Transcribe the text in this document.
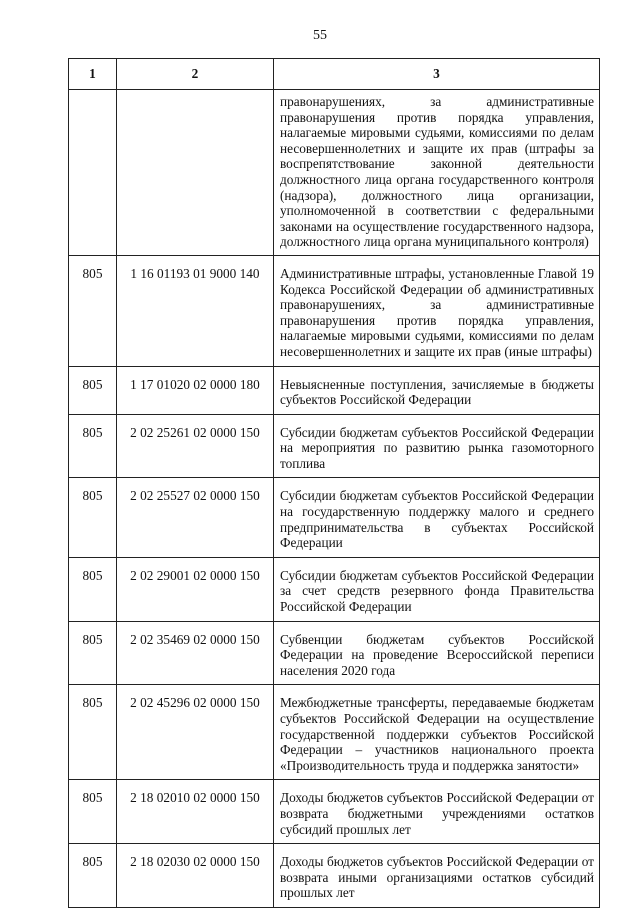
55
1	2	3
		правонарушениях, за административные правонарушения против порядка управления, налагаемые мировыми судьями, комиссиями по делам несовершеннолетних и защите их прав (штрафы за воспрепятствование законной деятельности должностного лица органа государственного контроля (надзора), должностного лица организации, уполномоченной в соответствии с федеральными законами на осуществление государственного надзора, должностного лица органа муниципального контроля)
805	1 16 01193 01 9000 140	Административные штрафы, установленные Главой 19 Кодекса Российской Федерации об административных правонарушениях, за административные правонарушения против порядка управления, налагаемые мировыми судьями, комиссиями по делам несовершеннолетних и защите их прав (иные штрафы)
805	1 17 01020 02 0000 180	Невыясненные поступления, зачисляемые в бюджеты субъектов Российской Федерации
805	2 02 25261 02 0000 150	Субсидии бюджетам субъектов Российской Федерации на мероприятия по развитию рынка газомоторного топлива
805	2 02 25527 02 0000 150	Субсидии бюджетам субъектов Российской Федерации на государственную поддержку малого и среднего предпринимательства в субъектах Российской Федерации
805	2 02 29001 02 0000 150	Субсидии бюджетам субъектов Российской Федерации за счет средств резервного фонда Правительства Российской Федерации
805	2 02 35469 02 0000 150	Субвенции бюджетам субъектов Российской Федерации на проведение Всероссийской переписи населения 2020 года
805	2 02 45296 02 0000 150	Межбюджетные трансферты, передаваемые бюджетам субъектов Российской Федерации на осуществление государственной поддержки субъектов Российской Федерации – участников национального проекта «Производительность труда и поддержка занятости»
805	2 18 02010 02 0000 150	Доходы бюджетов субъектов Российской Федерации от возврата бюджетными учреждениями остатков субсидий прошлых лет
805	2 18 02030 02 0000 150	Доходы бюджетов субъектов Российской Федерации от возврата иными организациями остатков субсидий прошлых лет
